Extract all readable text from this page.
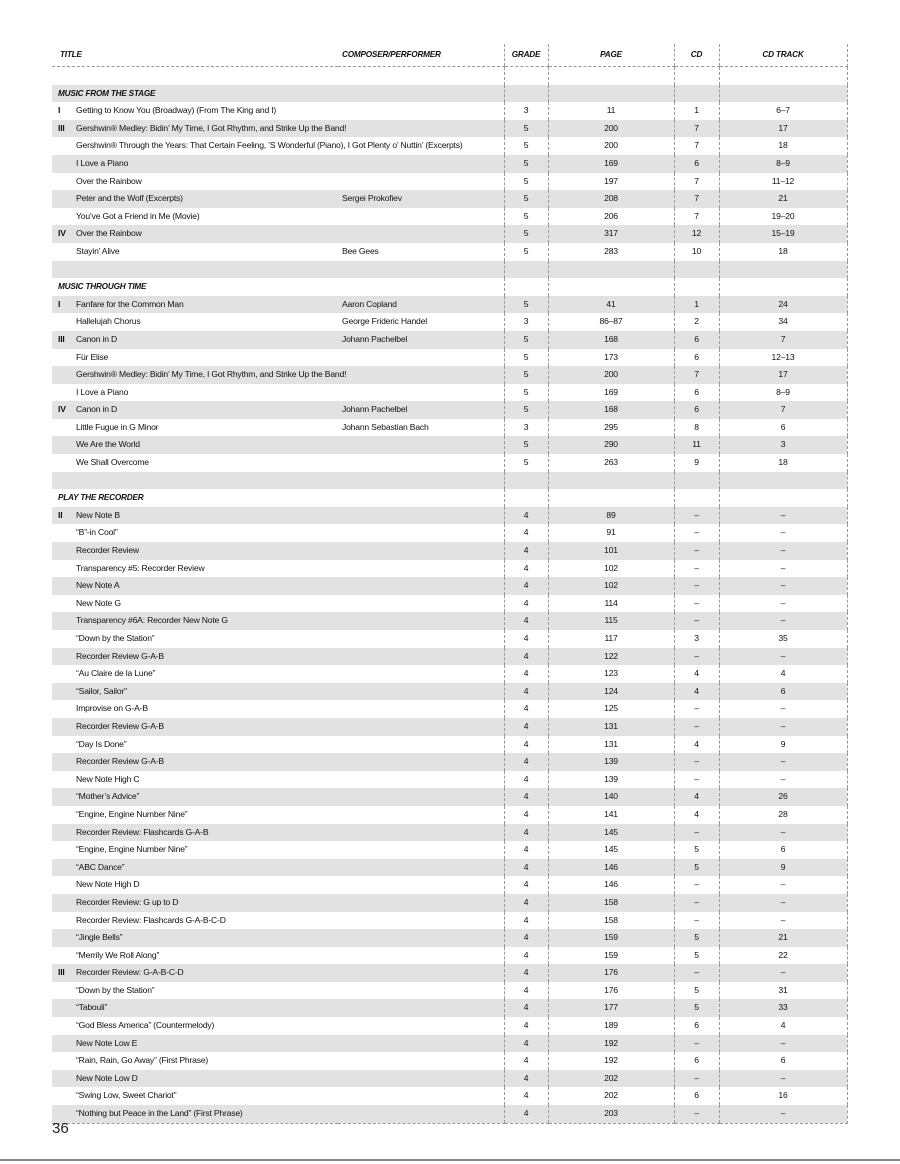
TITLE	COMPOSER/PERFORMER	GRADE	PAGE	CD	CD TRACK

MUSIC FROM THE STAGE					
I Getting to Know You (Broadway) (From The King and I)		3	11	1	6–7
III Gershwin® Medley: Bidin’ My Time, I Got Rhythm, and Strike Up the Band!		5	200	7	17
Gershwin® Through the Years: That Certain Feeling, ’S Wonderful (Piano), I Got Plenty o’ Nuttin’ (Excerpts)		5	200	7	18
I Love a Piano		5	169	6	8–9
Over the Rainbow		5	197	7	11–12
Peter and the Wolf (Excerpts)	Sergei Prokofiev	5	208	7	21
You’ve Got a Friend in Me (Movie)		5	206	7	19–20
IV Over the Rainbow		5	317	12	15–19
Stayin’ Alive	Bee Gees	5	283	10	18

MUSIC THROUGH TIME					
I Fanfare for the Common Man	Aaron Copland	5	41	1	24
Hallelujah Chorus	George Frideric Handel	3	86–87	2	34
III Canon in D	Johann Pachelbel	5	168	6	7
Für Elise		5	173	6	12–13
Gershwin® Medley: Bidin’ My Time, I Got Rhythm, and Strike Up the Band!		5	200	7	17
I Love a Piano		5	169	6	8–9
IV Canon in D	Johann Pachelbel	5	168	6	7
Little Fugue in G Minor	Johann Sebastian Bach	3	295	8	6
We Are the World		5	290	11	3
We Shall Overcome		5	263	9	18

PLAY THE RECORDER					
II New Note B		4	89	–	–
“B”-in Cool”		4	91	–	–
Recorder Review		4	101	–	–
Transparency #5: Recorder Review		4	102	–	–
New Note A		4	102	–	–
New Note G		4	114	–	–
Transparency #6A: Recorder New Note G		4	115	–	–
“Down by the Station”		4	117	3	35
Recorder Review G-A-B		4	122	–	–
“Au Claire de la Lune”		4	123	4	4
“Sailor, Sailor”		4	124	4	6
Improvise on G-A-B		4	125	–	–
Recorder Review G-A-B		4	131	–	–
“Day Is Done”		4	131	4	9
Recorder Review G-A-B		4	139	–	–
New Note High C		4	139	–	–
“Mother’s Advice”		4	140	4	26
“Engine, Engine Number Nine”		4	141	4	28
Recorder Review: Flashcards G-A-B		4	145	–	–
“Engine, Engine Number Nine”		4	145	5	6
“ABC Dance”		4	146	5	9
New Note High D		4	146	–	–
Recorder Review: G up to D		4	158	–	–
Recorder Review: Flashcards G-A-B-C-D		4	158	–	–
“Jingle Bells”		4	159	5	21
“Merrily We Roll Along”		4	159	5	22
III Recorder Review: G-A-B-C-D		4	176	–	–
“Down by the Station”		4	176	5	31
“Tabouli”		4	177	5	33
“God Bless America” (Countermelody)		4	189	6	4
New Note Low E		4	192	–	–
“Rain, Rain, Go Away” (First Phrase)		4	192	6	6
New Note Low D		4	202	–	–
“Swing Low, Sweet Chariot”		4	202	6	16
“Nothing but Peace in the Land” (First Phrase)		4	203	–	–
36
